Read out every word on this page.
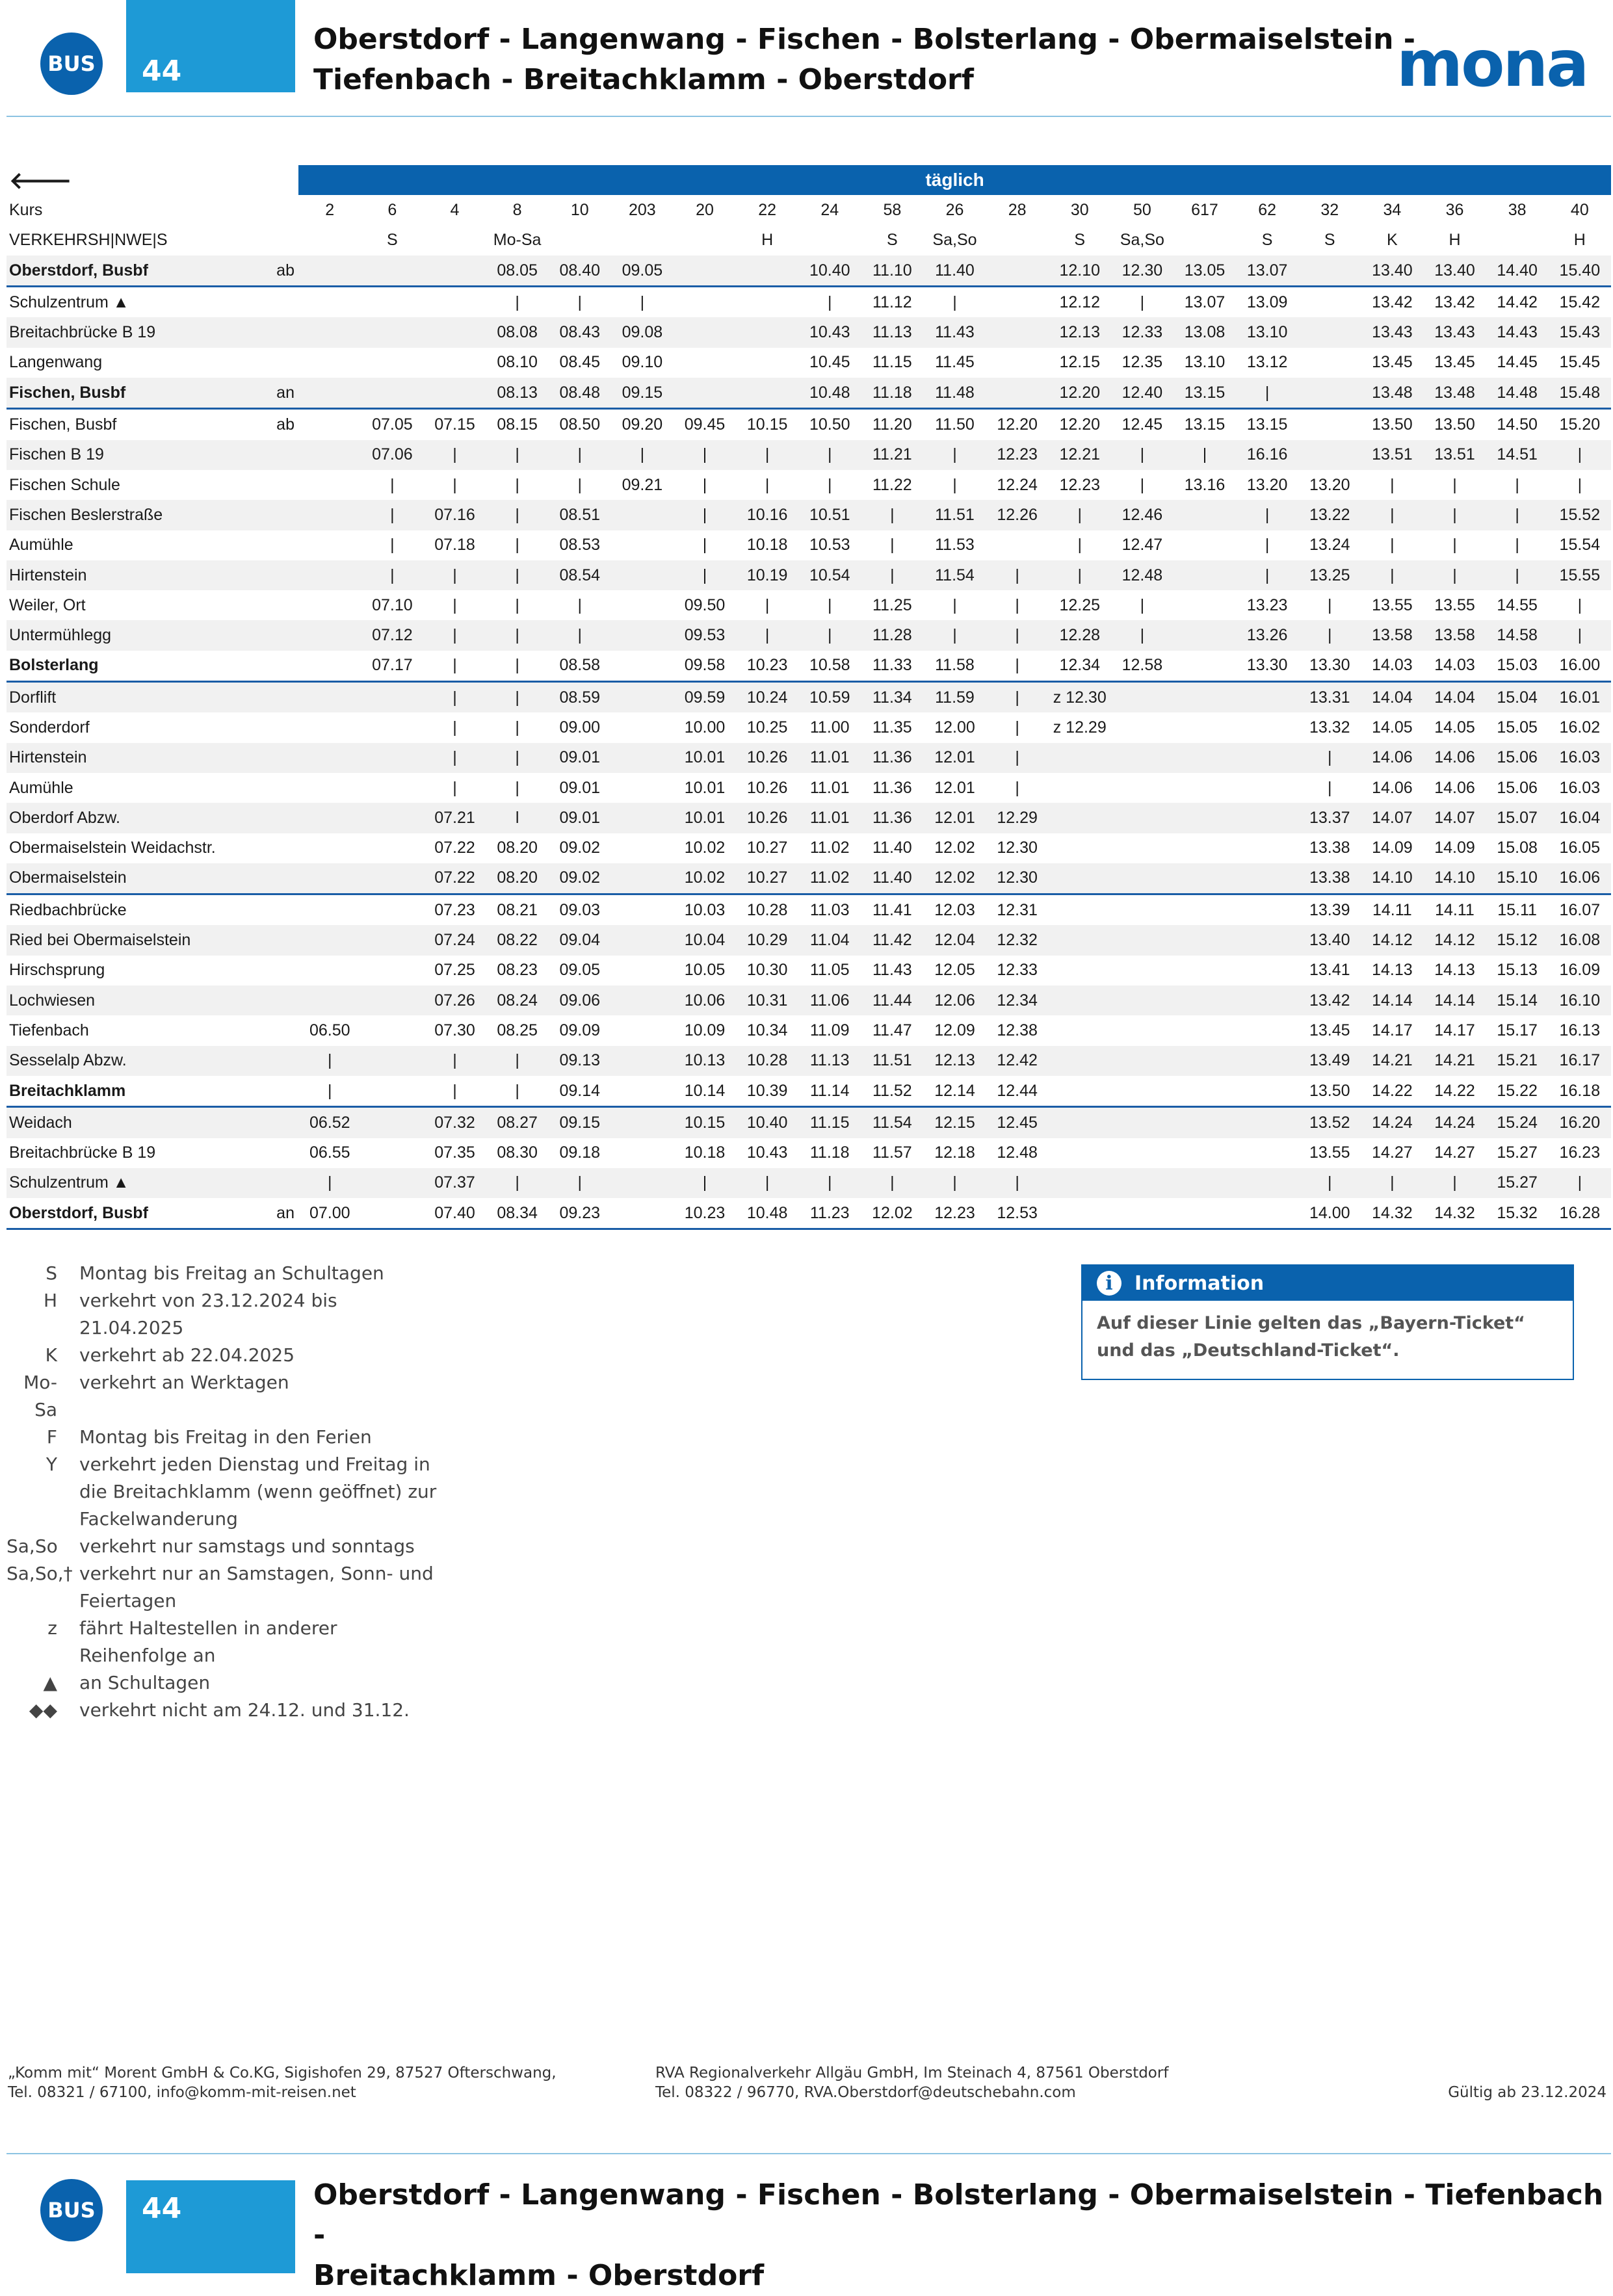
BUS	44
Oberstdorf - Langenwang - Fischen - Bolsterlang - Obermaiselstein -
Tiefenbach - Breitachklamm - Oberstdorf	mona
🡐		täglich																				
Kurs		2	6	4	8	10	203	20	22	24	58	26	28	30	50	617	62	32	34	36	38	40
VERKEHRSH|NWE|S			S		Mo-Sa				H		S	Sa,So		S	Sa,So		S	S	K	H		H
Oberstdorf, Busbf	ab				08.05	08.40	09.05			10.40	11.10	11.40		12.10	12.30	13.05	13.07		13.40	13.40	14.40	15.40
Schulzentrum ▲					|	|	|			|	11.12	|		12.12	|	13.07	13.09		13.42	13.42	14.42	15.42
Breitachbrücke B 19					08.08	08.43	09.08			10.43	11.13	11.43		12.13	12.33	13.08	13.10		13.43	13.43	14.43	15.43
Langenwang					08.10	08.45	09.10			10.45	11.15	11.45		12.15	12.35	13.10	13.12		13.45	13.45	14.45	15.45
Fischen, Busbf	an				08.13	08.48	09.15			10.48	11.18	11.48		12.20	12.40	13.15	|		13.48	13.48	14.48	15.48
Fischen, Busbf	ab		07.05	07.15	08.15	08.50	09.20	09.45	10.15	10.50	11.20	11.50	12.20	12.20	12.45	13.15	13.15		13.50	13.50	14.50	15.20
Fischen B 19			07.06	|	|	|	|	|	|	|	11.21	|	12.23	12.21	|	|	16.16		13.51	13.51	14.51	|
Fischen Schule			|	|	|	|	09.21	|	|	|	11.22	|	12.24	12.23	|	13.16	13.20	13.20	|	|	|	|
Fischen Beslerstraße			|	07.16	|	08.51		|	10.16	10.51	|	11.51	12.26	|	12.46		|	13.22	|	|	|	15.52
Aumühle			|	07.18	|	08.53		|	10.18	10.53	|	11.53		|	12.47		|	13.24	|	|	|	15.54
Hirtenstein			|	|	|	08.54		|	10.19	10.54	|	11.54	|	|	12.48		|	13.25	|	|	|	15.55
Weiler, Ort			07.10	|	|	|		09.50	|	|	11.25	|	|	12.25	|		13.23	|	13.55	13.55	14.55	|
Untermühlegg			07.12	|	|	|		09.53	|	|	11.28	|	|	12.28	|		13.26	|	13.58	13.58	14.58	|
Bolsterlang			07.17	|	|	08.58		09.58	10.23	10.58	11.33	11.58	|	12.34	12.58		13.30	13.30	14.03	14.03	15.03	16.00
Dorflift				|	|	08.59		09.59	10.24	10.59	11.34	11.59	|	z 12.30				13.31	14.04	14.04	15.04	16.01
Sonderdorf				|	|	09.00		10.00	10.25	11.00	11.35	12.00	|	z 12.29				13.32	14.05	14.05	15.05	16.02
Hirtenstein				|	|	09.01		10.01	10.26	11.01	11.36	12.01	|					|	14.06	14.06	15.06	16.03
Aumühle				|	|	09.01		10.01	10.26	11.01	11.36	12.01	|					|	14.06	14.06	15.06	16.03
Oberdorf Abzw.				07.21	l	09.01		10.01	10.26	11.01	11.36	12.01	12.29					13.37	14.07	14.07	15.07	16.04
Obermaiselstein Weidachstr.				07.22	08.20	09.02		10.02	10.27	11.02	11.40	12.02	12.30					13.38	14.09	14.09	15.08	16.05
Obermaiselstein				07.22	08.20	09.02		10.02	10.27	11.02	11.40	12.02	12.30					13.38	14.10	14.10	15.10	16.06
Riedbachbrücke				07.23	08.21	09.03		10.03	10.28	11.03	11.41	12.03	12.31					13.39	14.11	14.11	15.11	16.07
Ried bei Obermaiselstein				07.24	08.22	09.04		10.04	10.29	11.04	11.42	12.04	12.32					13.40	14.12	14.12	15.12	16.08
Hirschsprung				07.25	08.23	09.05		10.05	10.30	11.05	11.43	12.05	12.33					13.41	14.13	14.13	15.13	16.09
Lochwiesen				07.26	08.24	09.06		10.06	10.31	11.06	11.44	12.06	12.34					13.42	14.14	14.14	15.14	16.10
Tiefenbach		06.50		07.30	08.25	09.09		10.09	10.34	11.09	11.47	12.09	12.38					13.45	14.17	14.17	15.17	16.13
Sesselalp Abzw.		|		|	|	09.13		10.13	10.28	11.13	11.51	12.13	12.42					13.49	14.21	14.21	15.21	16.17
Breitachklamm		|		|	|	09.14		10.14	10.39	11.14	11.52	12.14	12.44					13.50	14.22	14.22	15.22	16.18
Weidach		06.52		07.32	08.27	09.15		10.15	10.40	11.15	11.54	12.15	12.45					13.52	14.24	14.24	15.24	16.20
Breitachbrücke B 19		06.55		07.35	08.30	09.18		10.18	10.43	11.18	11.57	12.18	12.48					13.55	14.27	14.27	15.27	16.23
Schulzentrum ▲		|		07.37	|	|		|	|	|	|	|	|					|	|	|	15.27	|
Oberstdorf, Busbf	an	07.00		07.40	08.34	09.23		10.23	10.48	11.23	12.02	12.23	12.53					14.00	14.32	14.32	15.32	16.28
S	Montag bis Freitag an Schultagen
H	verkehrt von 23.12.2024 bis 21.04.2025
K	verkehrt ab 22.04.2025
Mo-Sa
verkehrt an Werktagen
F	Montag bis Freitag in den Ferien
Y	verkehrt jeden Dienstag und Freitag in die Breitachklamm (wenn geöffnet) zur Fackelwanderung
Sa,So	verkehrt nur samstags und sonntags
Sa,So,† verkehrt nur an Samstagen, Sonn- und Feiertagen
z	fährt Haltestellen in anderer Reihenfolge an
▲	an Schultagen
◆◆	verkehrt nicht am 24.12. und 31.12.
i	Information
Auf dieser Linie gelten das „Bayern-Ticket“ und das „Deutschland-Ticket“.
„Komm mit“ Morent GmbH & Co.KG, Sigishofen 29, 87527 Ofterschwang,
Tel. 08321 / 67100, info@komm-mit-reisen.net
RVA Regionalverkehr Allgäu GmbH, Im Steinach 4, 87561 Oberstdorf
Tel. 08322 / 96770, RVA.Oberstdorf@deutschebahn.com	Gültig ab 23.12.2024
BUS	44	Oberstdorf - Langenwang - Fischen - Bolsterlang - Obermaiselstein - Tiefenbach -
Breitachklamm - Oberstdorf
